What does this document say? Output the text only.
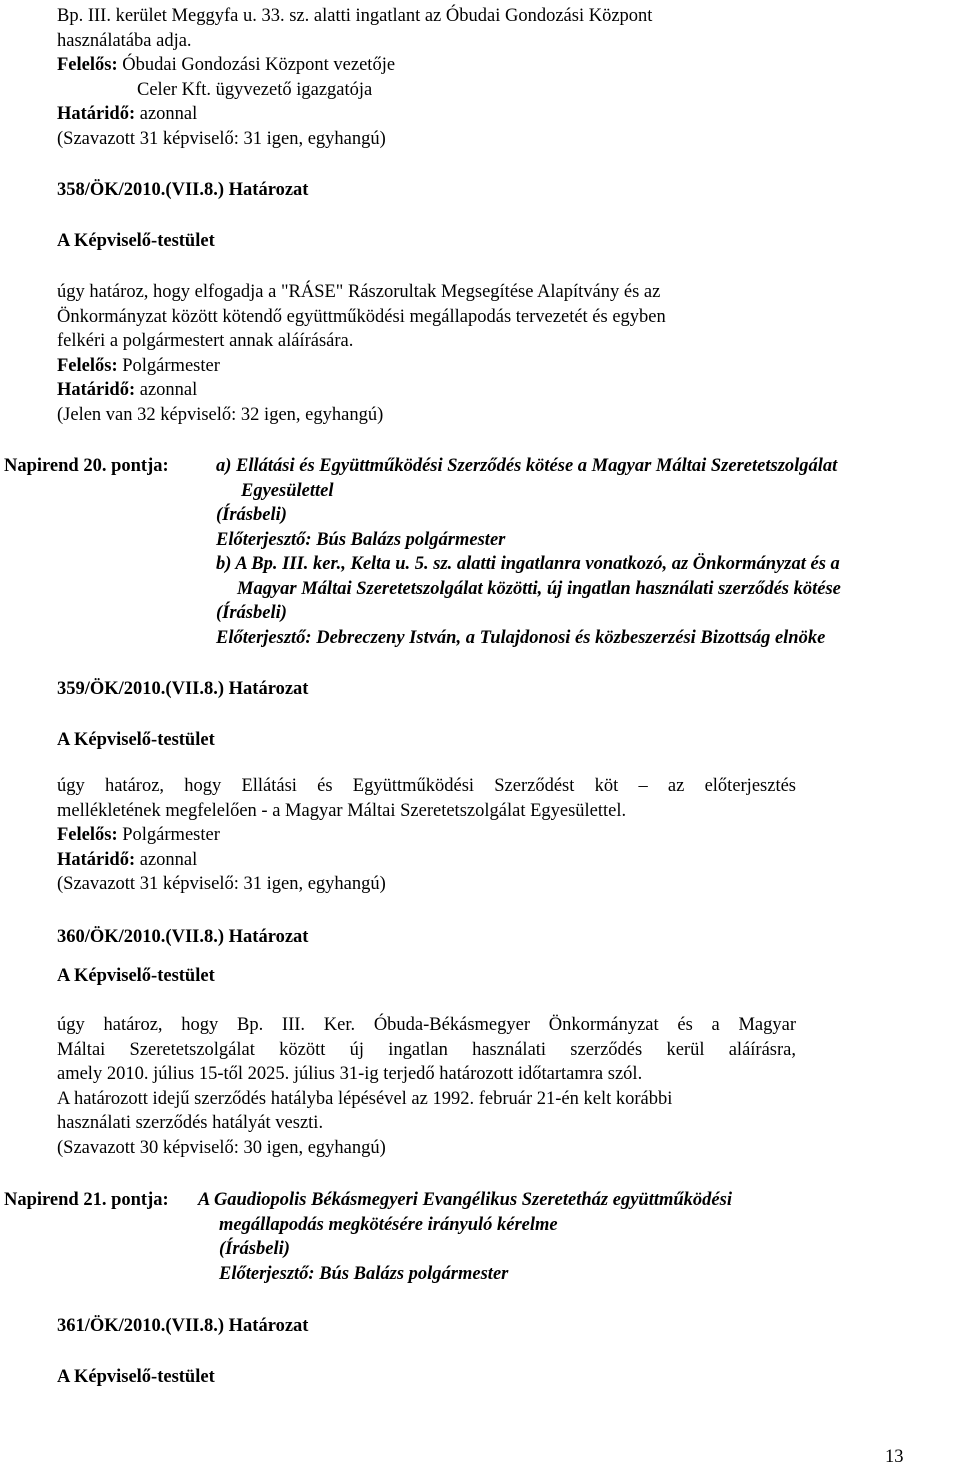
Bp. III. kerület Meggyfa u. 33. sz. alatti ingatlant az Óbudai Gondozási Központ
használatába adja.
Felelős: Óbudai Gondozási Központ vezetője
Celer Kft. ügyvezető igazgatója
Határidő: azonnal
(Szavazott 31 képviselő: 31 igen, egyhangú)
358/ÖK/2010.(VII.8.) Határozat
A Képviselő-testület
úgy határoz, hogy elfogadja a "RÁSE" Rászorultak Megsegítése Alapítvány és az
Önkormányzat között kötendő együttműködési megállapodás tervezetét és egyben
felkéri a polgármestert annak aláírására.
Felelős: Polgármester
Határidő: azonnal
(Jelen van 32 képviselő: 32 igen, egyhangú)
Napirend 20. pontja:	a) Ellátási és Együttműködési Szerződés kötése a Magyar Máltai Szeretetszolgálat
Egyesülettel
(Írásbeli)
Előterjesztő: Bús Balázs polgármester
b) A Bp. III. ker., Kelta u. 5. sz. alatti ingatlanra vonatkozó, az Önkormányzat és a
Magyar Máltai Szeretetszolgálat közötti, új ingatlan használati szerződés kötése
(Írásbeli)
Előterjesztő: Debreczeny István, a Tulajdonosi és közbeszerzési Bizottság elnöke
359/ÖK/2010.(VII.8.) Határozat
A Képviselő-testület
úgy határoz, hogy Ellátási és Együttműködési Szerződést köt – az előterjesztés
mellékletének megfelelően - a Magyar Máltai Szeretetszolgálat Egyesülettel.
Felelős: Polgármester
Határidő: azonnal
(Szavazott 31 képviselő: 31 igen, egyhangú)
360/ÖK/2010.(VII.8.) Határozat
A Képviselő-testület
úgy határoz, hogy Bp. III. Ker. Óbuda-Békásmegyer Önkormányzat és a Magyar
Máltai Szeretetszolgálat között új ingatlan használati szerződés kerül aláírásra,
amely 2010. július 15-től 2025. július 31-ig terjedő határozott időtartamra szól.
A határozott idejű szerződés hatályba lépésével az 1992. február 21-én kelt korábbi
használati szerződés hatályát veszti.
(Szavazott 30 képviselő: 30 igen, egyhangú)
Napirend 21. pontja: A Gaudiopolis Békásmegyeri Evangélikus Szeretetház együttműködési
megállapodás megkötésére irányuló kérelme
(Írásbeli)
Előterjesztő: Bús Balázs polgármester
361/ÖK/2010.(VII.8.) Határozat
A Képviselő-testület
13
